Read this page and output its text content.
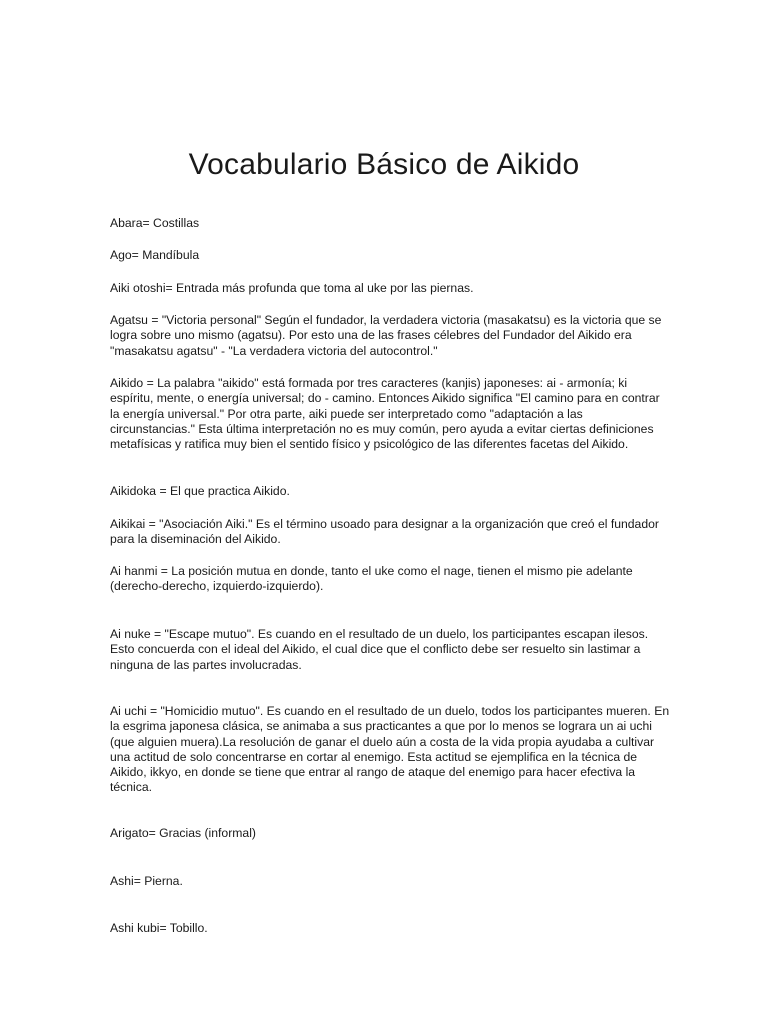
Vocabulario Básico de Aikido

Abara= Costillas

Ago= Mandíbula

Aiki otoshi= Entrada más profunda que toma al uke por las piernas.

Agatsu = "Victoria personal" Según el fundador, la verdadera victoria (masakatsu) es la victoria que se logra sobre uno mismo (agatsu). Por esto una de las frases célebres del Fundador del Aikido era "masakatsu agatsu" - "La verdadera victoria del autocontrol."

Aikido = La palabra "aikido" está formada por tres caracteres (kanjis) japoneses: ai - armonía; ki espíritu, mente, o energía universal; do - camino. Entonces Aikido significa "El camino para en contrar la energía universal." Por otra parte, aiki puede ser interpretado como "adaptación a las circunstancias." Esta última interpretación no es muy común, pero ayuda a evitar ciertas definiciones metafísicas y ratifica muy bien el sentido físico y psicológico de las diferentes facetas del Aikido.

Aikidoka = El que practica Aikido.

Aikikai = "Asociación Aiki." Es el término usoado para designar a la organización que creó el fundador para la diseminación del Aikido.

Ai hanmi = La posición mutua en donde, tanto el uke como el nage, tienen el mismo pie adelante (derecho-derecho, izquierdo-izquierdo).

Ai nuke = "Escape mutuo". Es cuando en el resultado de un duelo, los participantes escapan ilesos. Esto concuerda con el ideal del Aikido, el cual dice que el conflicto debe ser resuelto sin lastimar a ninguna de las partes involucradas.

Ai uchi = "Homicidio mutuo". Es cuando en el resultado de un duelo, todos los participantes mueren. En la esgrima japonesa clásica, se animaba a sus practicantes a que por lo menos se lograra un ai uchi (que alguien muera).La resolución de ganar el duelo aún a costa de la vida propia ayudaba a cultivar una actitud de solo concentrarse en cortar al enemigo. Esta actitud se ejemplifica en la técnica de Aikido, ikkyo, en donde se tiene que entrar al rango de ataque del enemigo para hacer efectiva la técnica.

Arigato= Gracias (informal)

Ashi= Pierna.

Ashi kubi= Tobillo.
